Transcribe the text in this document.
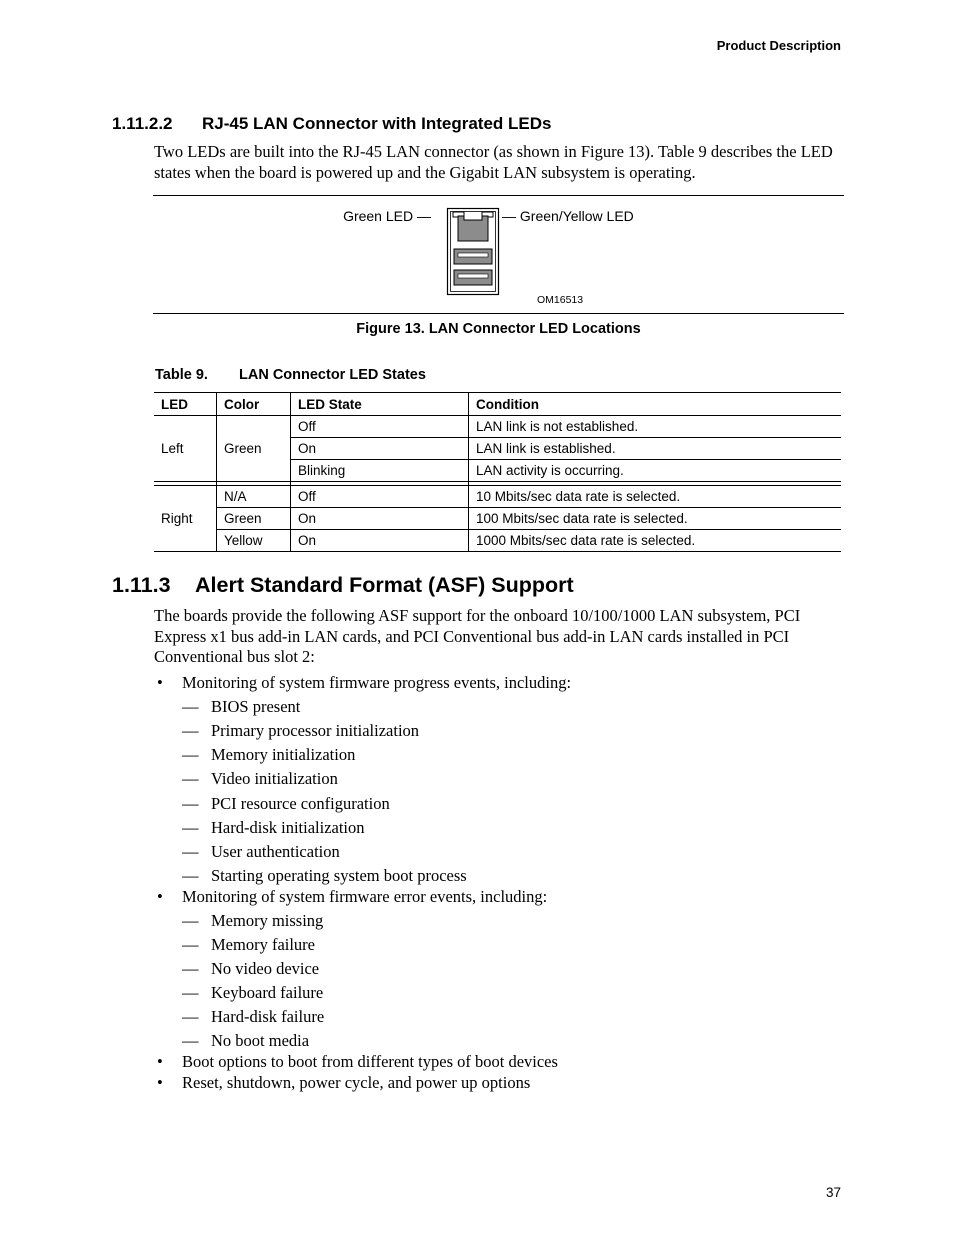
Product Description
1.11.2.2 RJ-45 LAN Connector with Integrated LEDs
Two LEDs are built into the RJ-45 LAN connector (as shown in Figure 13). Table 9 describes the LED states when the board is powered up and the Gigabit LAN subsystem is operating.
Green LED —	— Green/Yellow LED
OM16513
Figure 13. LAN Connector LED Locations
Table 9. LAN Connector LED States
LED	Color	LED State	Condition
Left	Green	Off	LAN link is not established.
		On	LAN link is established.
		Blinking	LAN activity is occurring.

Right	N/A	Off	10 Mbits/sec data rate is selected.
	Green	On	100 Mbits/sec data rate is selected.
	Yellow	On	1000 Mbits/sec data rate is selected.
1.11.3 Alert Standard Format (ASF) Support
The boards provide the following ASF support for the onboard 10/100/1000 LAN subsystem, PCI Express x1 bus add-in LAN cards, and PCI Conventional bus add-in LAN cards installed in PCI Conventional bus slot 2:
• Monitoring of system firmware progress events, including:
— BIOS present
— Primary processor initialization
— Memory initialization
— Video initialization
— PCI resource configuration
— Hard-disk initialization
— User authentication
— Starting operating system boot process
• Monitoring of system firmware error events, including:
— Memory missing
— Memory failure
— No video device
— Keyboard failure
— Hard-disk failure
— No boot media
• Boot options to boot from different types of boot devices
• Reset, shutdown, power cycle, and power up options
37
